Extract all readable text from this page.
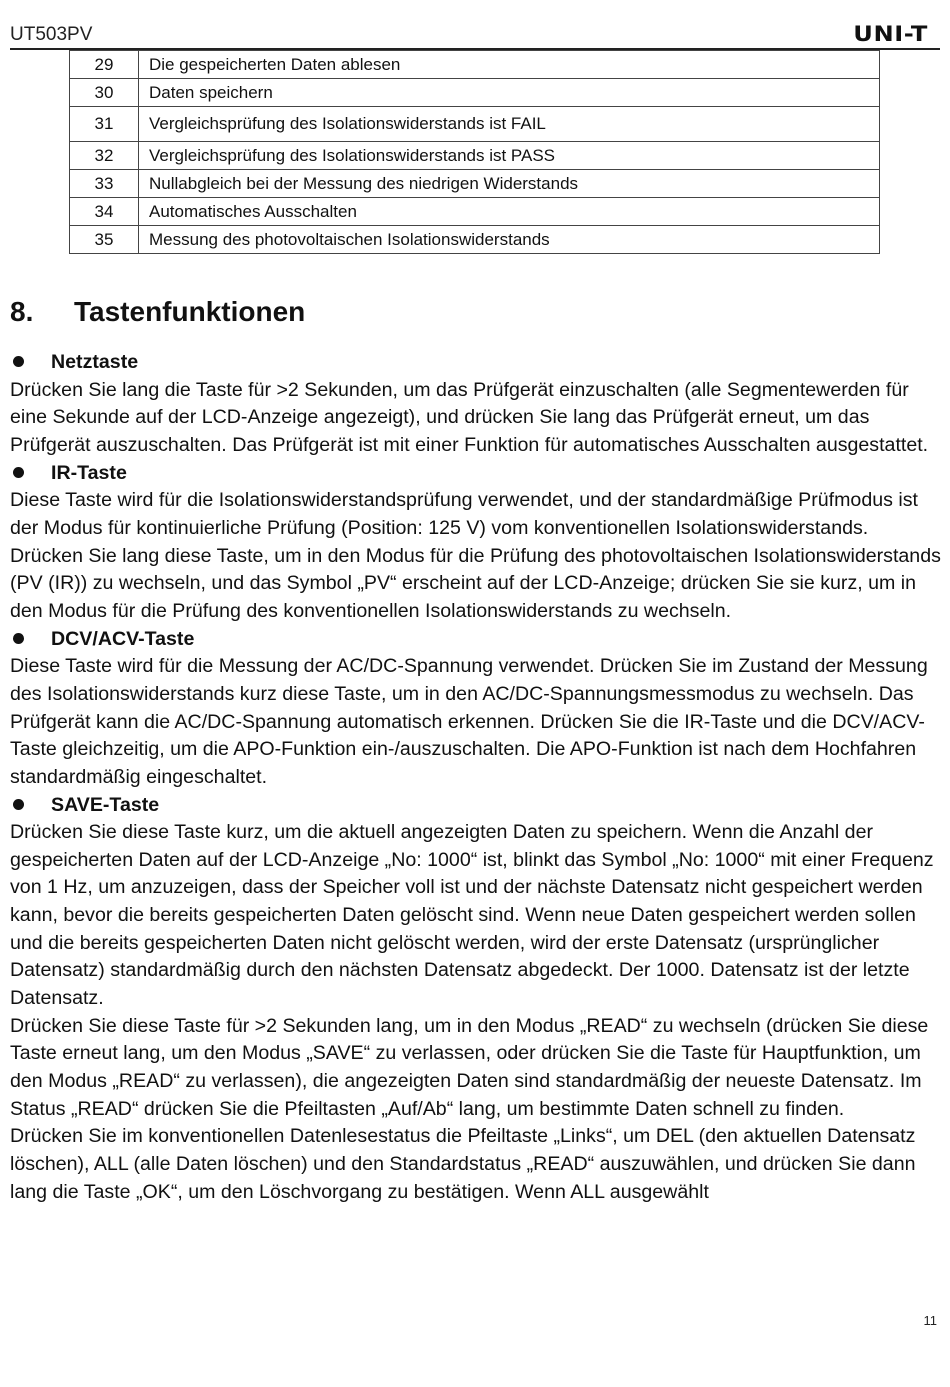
UT503PV	UNI-T
29	Die gespeicherten Daten ablesen
30	Daten speichern
31	Vergleichsprüfung des Isolationswiderstands ist FAIL
32	Vergleichsprüfung des Isolationswiderstands ist PASS
33	Nullabgleich bei der Messung des niedrigen Widerstands
34	Automatisches Ausschalten
35	Messung des photovoltaischen Isolationswiderstands
8. Tastenfunktionen

Netztaste

Drücken Sie lang die Taste für >2 Sekunden, um das Prüfgerät einzuschalten (alle Segmentewerden für eine Sekunde auf der LCD-Anzeige angezeigt), und drücken Sie lang das Prüfgerät erneut, um das Prüfgerät auszuschalten. Das Prüfgerät ist mit einer Funktion für automatisches Ausschalten ausgestattet.

IR-Taste

Diese Taste wird für die Isolationswiderstandsprüfung verwendet, und der standardmäßige Prüfmodus ist der Modus für kontinuierliche Prüfung (Position: 125 V) vom konventionellen Isolationswiderstands. Drücken Sie lang diese Taste, um in den Modus für die Prüfung des photovoltaischen Isolationswiderstands (PV (IR)) zu wechseln, und das Symbol „PV“ erscheint auf der LCD-Anzeige; drücken Sie sie kurz, um in den Modus für die Prüfung des konventionellen Isolationswiderstands zu wechseln.

DCV/ACV-Taste

Diese Taste wird für die Messung der AC/DC-Spannung verwendet. Drücken Sie im Zustand der Messung des Isolationswiderstands kurz diese Taste, um in den AC/DC-Spannungsmessmodus zu wechseln. Das Prüfgerät kann die AC/DC-Spannung automatisch erkennen. Drücken Sie die IR-Taste und die DCV/ACV-Taste gleichzeitig, um die APO-Funktion ein-/auszuschalten. Die APO-Funktion ist nach dem Hochfahren standardmäßig eingeschaltet.

SAVE-Taste

Drücken Sie diese Taste kurz, um die aktuell angezeigten Daten zu speichern. Wenn die Anzahl der gespeicherten Daten auf der LCD-Anzeige „No: 1000“ ist, blinkt das Symbol „No: 1000“ mit einer Frequenz von 1 Hz, um anzuzeigen, dass der Speicher voll ist und der nächste Datensatz nicht gespeichert werden kann, bevor die bereits gespeicherten Daten gelöscht sind. Wenn neue Daten gespeichert werden sollen und die bereits gespeicherten Daten nicht gelöscht werden, wird der erste Datensatz (ursprünglicher Datensatz) standardmäßig durch den nächsten Datensatz abgedeckt. Der 1000. Datensatz ist der letzte Datensatz.

Drücken Sie diese Taste für >2 Sekunden lang, um in den Modus „READ“ zu wechseln (drücken Sie diese Taste erneut lang, um den Modus „SAVE“ zu verlassen, oder drücken Sie die Taste für Hauptfunktion, um den Modus „READ“ zu verlassen), die angezeigten Daten sind standardmäßig der neueste Datensatz. Im Status „READ“ drücken Sie die Pfeiltasten „Auf/Ab“ lang, um bestimmte Daten schnell zu finden.

Drücken Sie im konventionellen Datenlesestatus die Pfeiltaste „Links“, um DEL (den aktuellen Datensatz löschen), ALL (alle Daten löschen) und den Standardstatus „READ“ auszuwählen, und drücken Sie dann lang die Taste „OK“, um den Löschvorgang zu bestätigen. Wenn ALL ausgewählt

11
